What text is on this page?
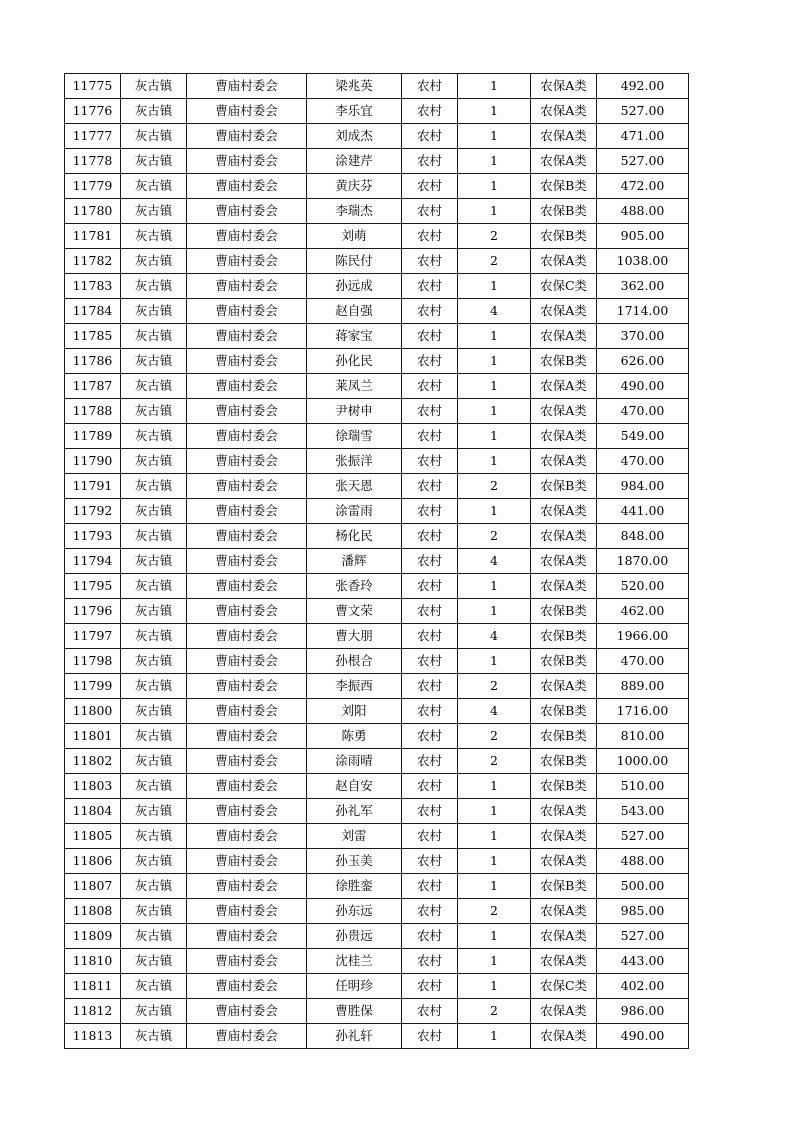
11775	灰古镇	曹庙村委会	梁兆英	农村	1	农保A类	492.00
11776	灰古镇	曹庙村委会	李乐宜	农村	1	农保A类	527.00
11777	灰古镇	曹庙村委会	刘成杰	农村	1	农保A类	471.00
11778	灰古镇	曹庙村委会	涂建芹	农村	1	农保A类	527.00
11779	灰古镇	曹庙村委会	黄庆芬	农村	1	农保B类	472.00
11780	灰古镇	曹庙村委会	李瑞杰	农村	1	农保B类	488.00
11781	灰古镇	曹庙村委会	刘萌	农村	2	农保B类	905.00
11782	灰古镇	曹庙村委会	陈民付	农村	2	农保A类	1038.00
11783	灰古镇	曹庙村委会	孙远成	农村	1	农保C类	362.00
11784	灰古镇	曹庙村委会	赵自强	农村	4	农保A类	1714.00
11785	灰古镇	曹庙村委会	蒋家宝	农村	1	农保A类	370.00
11786	灰古镇	曹庙村委会	孙化民	农村	1	农保B类	626.00
11787	灰古镇	曹庙村委会	莱凤兰	农村	1	农保A类	490.00
11788	灰古镇	曹庙村委会	尹树申	农村	1	农保A类	470.00
11789	灰古镇	曹庙村委会	徐瑞雪	农村	1	农保A类	549.00
11790	灰古镇	曹庙村委会	张振洋	农村	1	农保A类	470.00
11791	灰古镇	曹庙村委会	张天恩	农村	2	农保B类	984.00
11792	灰古镇	曹庙村委会	涂雷雨	农村	1	农保A类	441.00
11793	灰古镇	曹庙村委会	杨化民	农村	2	农保A类	848.00
11794	灰古镇	曹庙村委会	潘辉	农村	4	农保A类	1870.00
11795	灰古镇	曹庙村委会	张香玲	农村	1	农保A类	520.00
11796	灰古镇	曹庙村委会	曹文荣	农村	1	农保B类	462.00
11797	灰古镇	曹庙村委会	曹大朋	农村	4	农保B类	1966.00
11798	灰古镇	曹庙村委会	孙根合	农村	1	农保B类	470.00
11799	灰古镇	曹庙村委会	李振西	农村	2	农保A类	889.00
11800	灰古镇	曹庙村委会	刘阳	农村	4	农保B类	1716.00
11801	灰古镇	曹庙村委会	陈勇	农村	2	农保B类	810.00
11802	灰古镇	曹庙村委会	涂雨晴	农村	2	农保B类	1000.00
11803	灰古镇	曹庙村委会	赵自安	农村	1	农保B类	510.00
11804	灰古镇	曹庙村委会	孙礼军	农村	1	农保A类	543.00
11805	灰古镇	曹庙村委会	刘雷	农村	1	农保A类	527.00
11806	灰古镇	曹庙村委会	孙玉美	农村	1	农保A类	488.00
11807	灰古镇	曹庙村委会	徐胜銮	农村	1	农保B类	500.00
11808	灰古镇	曹庙村委会	孙东远	农村	2	农保A类	985.00
11809	灰古镇	曹庙村委会	孙贵远	农村	1	农保A类	527.00
11810	灰古镇	曹庙村委会	沈桂兰	农村	1	农保A类	443.00
11811	灰古镇	曹庙村委会	任明珍	农村	1	农保C类	402.00
11812	灰古镇	曹庙村委会	曹胜保	农村	2	农保A类	986.00
11813	灰古镇	曹庙村委会	孙礼轩	农村	1	农保A类	490.00
